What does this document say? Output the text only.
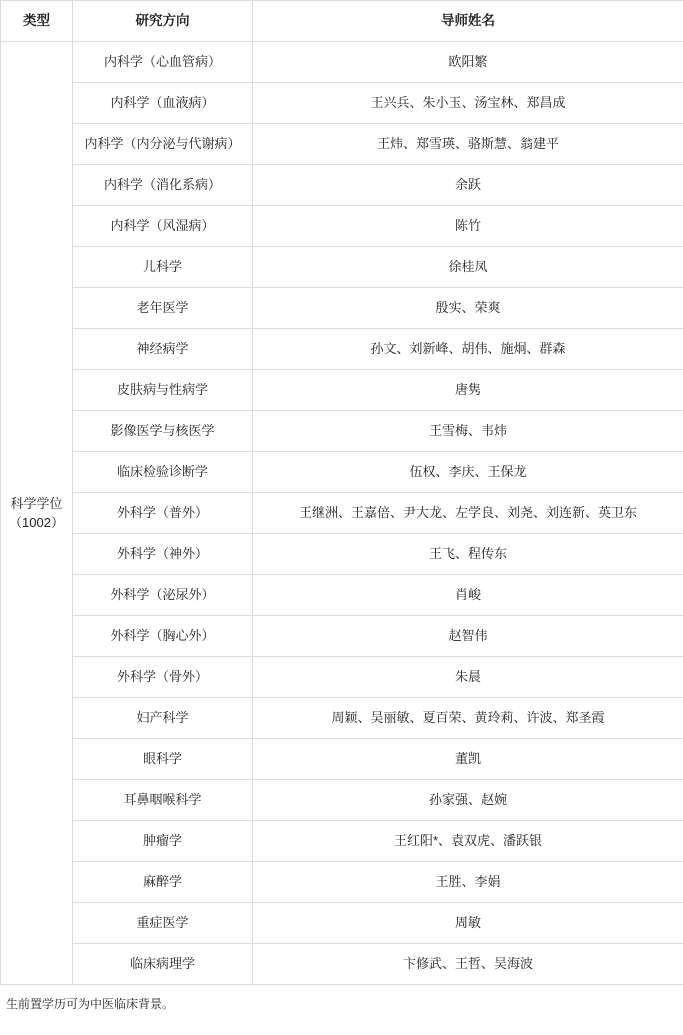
类型	研究方向	导师姓名

科学学位
（1002）	内科学（心血管病）	欧阳繁
	内科学（血液病）	王兴兵、朱小玉、汤宝林、郑昌成
	内科学（内分泌与代谢病）	王炜、郑雪瑛、骆斯慧、翁建平
	内科学（消化系病）	余跃
	内科学（风湿病）	陈竹
	儿科学	徐桂凤
	老年医学	殷实、荣爽
	神经病学	孙文、刘新峰、胡伟、施炯、群森
	皮肤病与性病学	唐隽
	影像医学与核医学	王雪梅、韦炜
	临床检验诊断学	伍权、李庆、王保龙
	外科学（普外）	王继洲、王嘉倍、尹大龙、左学良、刘尧、刘连新、英卫东
	外科学（神外）	王飞、程传东
	外科学（泌尿外）	肖峻
	外科学（胸心外）	赵智伟
	外科学（骨外）	朱晨
	妇产科学	周颖、吴丽敏、夏百荣、黄玲莉、许波、郑圣霞
	眼科学	董凯
	耳鼻咽喉科学	孙家强、赵婉
	肿瘤学	王红阳*、袁双虎、潘跃银
	麻醉学	王胜、李娟
	重症医学	周敏
	临床病理学	卞修武、王哲、吴海波
生前置学历可为中医临床背景。
